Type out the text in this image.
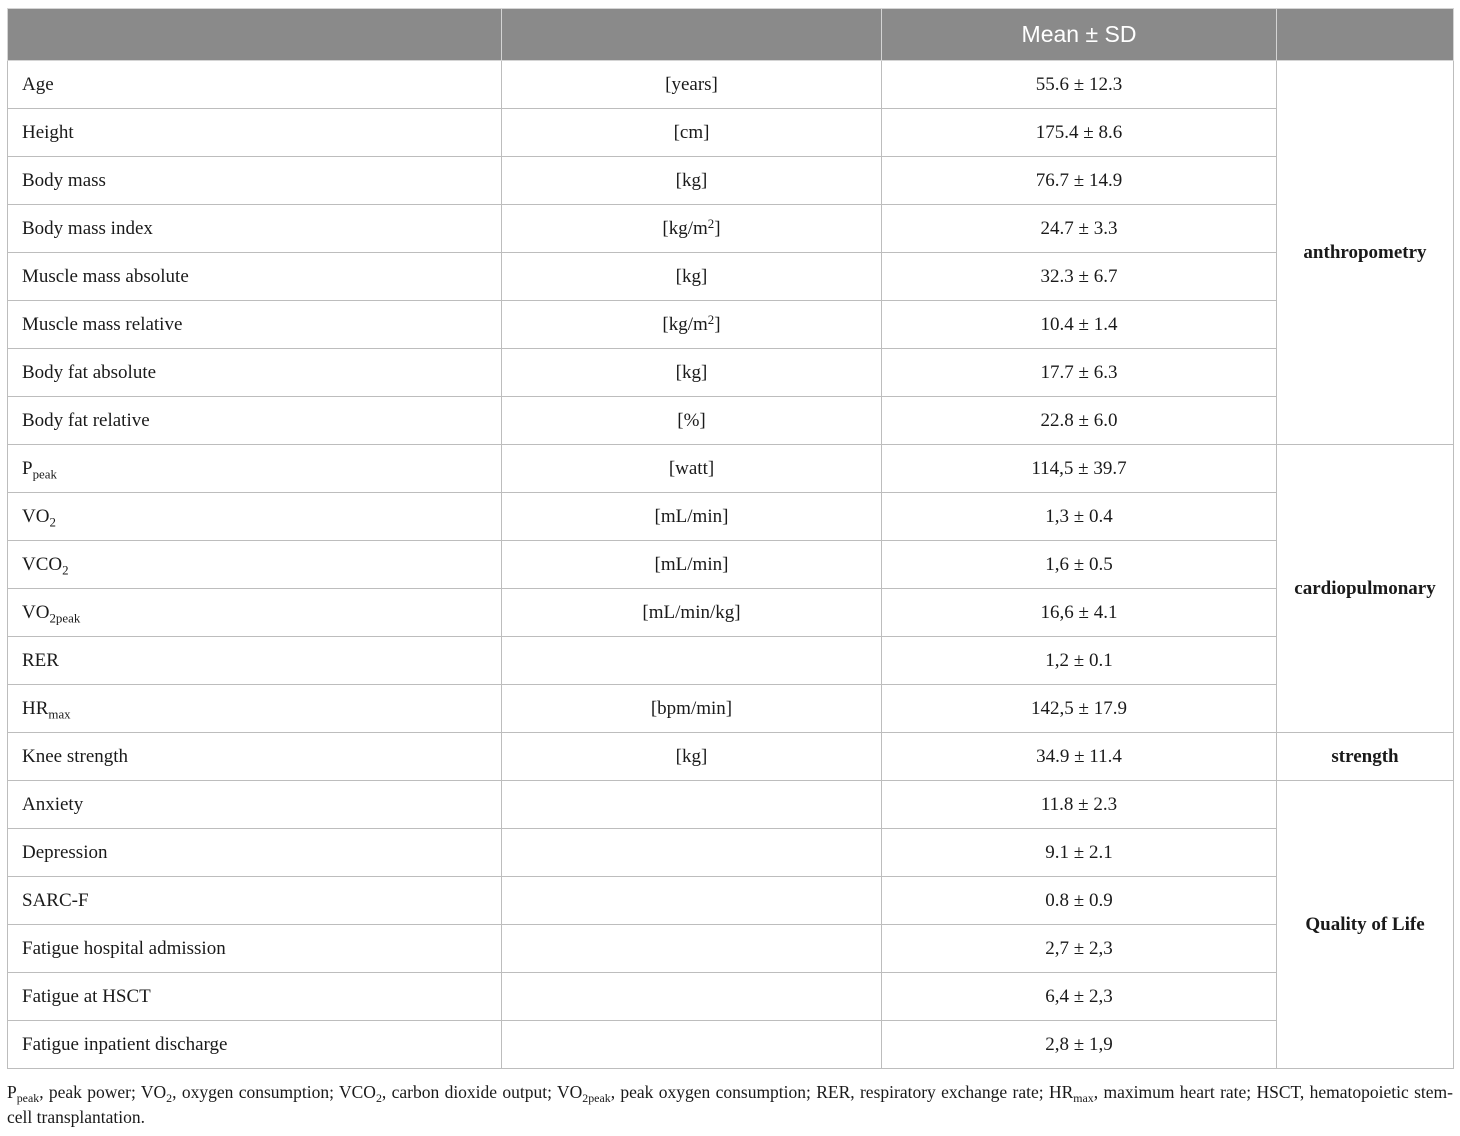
		Mean ± SD	
Age	[years]	55.6 ± 12.3	anthropometry
Height	[cm]	175.4 ± 8.6	
Body mass	[kg]	76.7 ± 14.9	
Body mass index	$[kg/m^2]$	24.7 ± 3.3	
Muscle mass absolute	[kg]	32.3 ± 6.7	
Muscle mass relative	$[kg/m^2]$	10.4 ± 1.4	
Body fat absolute	[kg]	17.7 ± 6.3	
Body fat relative	[%]	22.8 ± 6.0	
$P_{peak}$	[watt]	114,5 ± 39.7	cardiopulmonary
$VO_2$	[mL/min]	1,3 ± 0.4	
$VCO_2$	[mL/min]	1,6 ± 0.5	
$VO_{2peak}$	[mL/min/kg]	16,6 ± 4.1	
RER		1,2 ± 0.1	
$HR_{max}$	[bpm/min]	142,5 ± 17.9	
Knee strength	[kg]	34.9 ± 11.4	strength
Anxiety		11.8 ± 2.3	Quality of Life
Depression		9.1 ± 2.1	
SARC-F		0.8 ± 0.9	
Fatigue hospital admission		2,7 ± 2,3	
Fatigue at HSCT		6,4 ± 2,3	
Fatigue inpatient discharge		2,8 ± 1,9	

$P_{peak}$, peak power; $VO_2$, oxygen consumption; $VCO_2$, carbon dioxide output; $VO_{2peak}$, peak oxygen consumption; RER, respiratory exchange rate; $HR_{max}$, maximum heart rate; HSCT, hematopoietic stem-cell transplantation.
